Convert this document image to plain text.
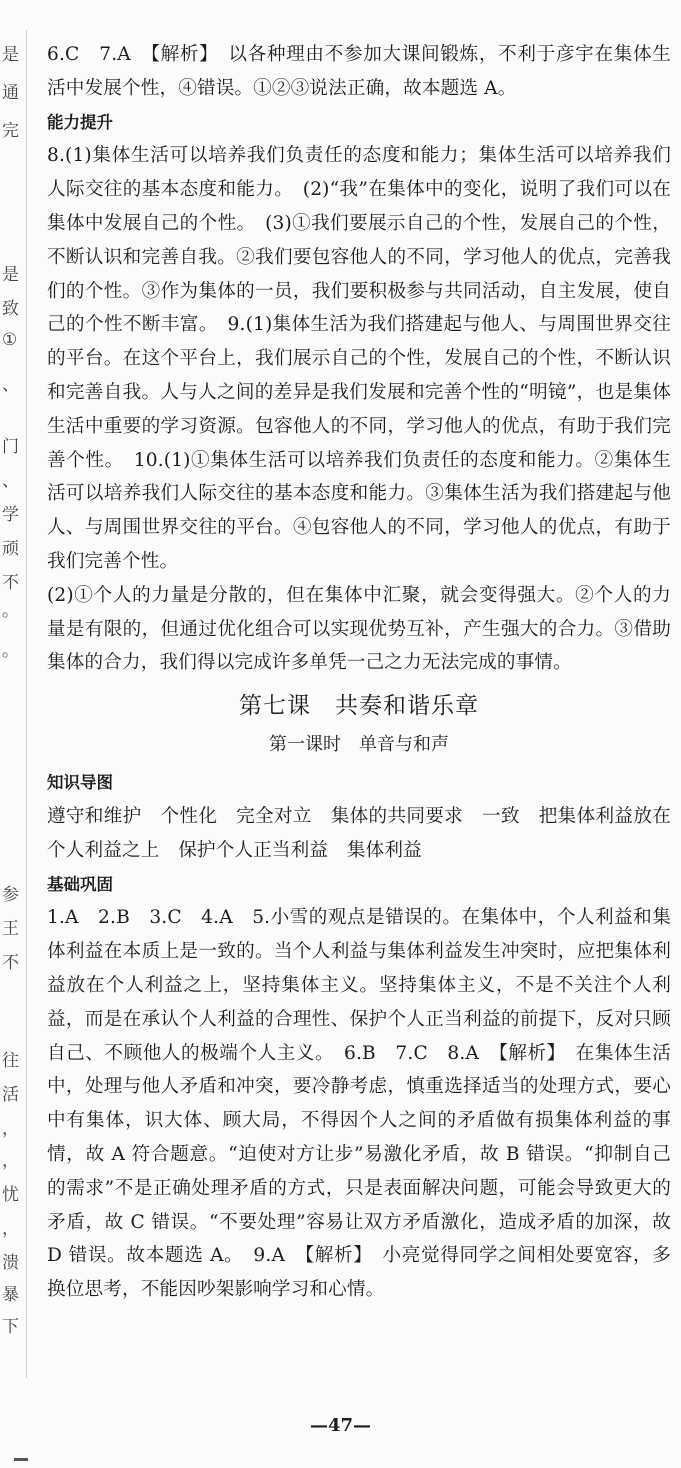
是
通
完
是
致
①
、
门
、
学
顽
不
。
。
参
王
不
往
活
，
，
忧
，
溃
暴
下

6.C　7.A　【解析】　以各种理由不参加大课间锻炼，不利于彦宇在集体生活中发展个性，④错误。①②③说法正确，故本题选 A。

能力提升

8.(1)集体生活可以培养我们负责任的态度和能力；集体生活可以培养我们人际交往的基本态度和能力。　(2)“我”在集体中的变化，说明了我们可以在集体中发展自己的个性。　(3)①我们要展示自己的个性，发展自己的个性，不断认识和完善自我。②我们要包容他人的不同，学习他人的优点，完善我们的个性。③作为集体的一员，我们要积极参与共同活动，自主发展，使自己的个性不断丰富。　9.(1)集体生活为我们搭建起与他人、与周围世界交往的平台。在这个平台上，我们展示自己的个性，发展自己的个性，不断认识和完善自我。人与人之间的差异是我们发展和完善个性的“明镜”，也是集体生活中重要的学习资源。包容他人的不同，学习他人的优点，有助于我们完善个性。　10.(1)①集体生活可以培养我们负责任的态度和能力。②集体生活可以培养我们人际交往的基本态度和能力。③集体生活为我们搭建起与他人、与周围世界交往的平台。④包容他人的不同，学习他人的优点，有助于我们完善个性。

(2)①个人的力量是分散的，但在集体中汇聚，就会变得强大。②个人的力量是有限的，但通过优化组合可以实现优势互补，产生强大的合力。③借助集体的合力，我们得以完成许多单凭一己之力无法完成的事情。

第七课　共奏和谐乐章

第一课时　单音与和声

知识导图

遵守和维护　个性化　完全对立　集体的共同要求　一致　把集体利益放在个人利益之上　保护个人正当利益　集体利益

基础巩固

1.A　2.B　3.C　4.A　5.小雪的观点是错误的。在集体中，个人利益和集体利益在本质上是一致的。当个人利益与集体利益发生冲突时，应把集体利益放在个人利益之上，坚持集体主义。坚持集体主义，不是不关注个人利益，而是在承认个人利益的合理性、保护个人正当利益的前提下，反对只顾自己、不顾他人的极端个人主义。　6.B　7.C　8.A　【解析】　在集体生活中，处理与他人矛盾和冲突，要冷静考虑，慎重选择适当的处理方式，要心中有集体，识大体、顾大局，不得因个人之间的矛盾做有损集体利益的事情，故 A 符合题意。“迫使对方让步”易激化矛盾，故 B 错误。“抑制自己的需求”不是正确处理矛盾的方式，只是表面解决问题，可能会导致更大的矛盾，故 C 错误。“不要处理”容易让双方矛盾激化，造成矛盾的加深，故 D 错误。故本题选 A。　9.A　【解析】　小亮觉得同学之间相处要宽容，多换位思考，不能因吵架影响学习和心情。

—47—
